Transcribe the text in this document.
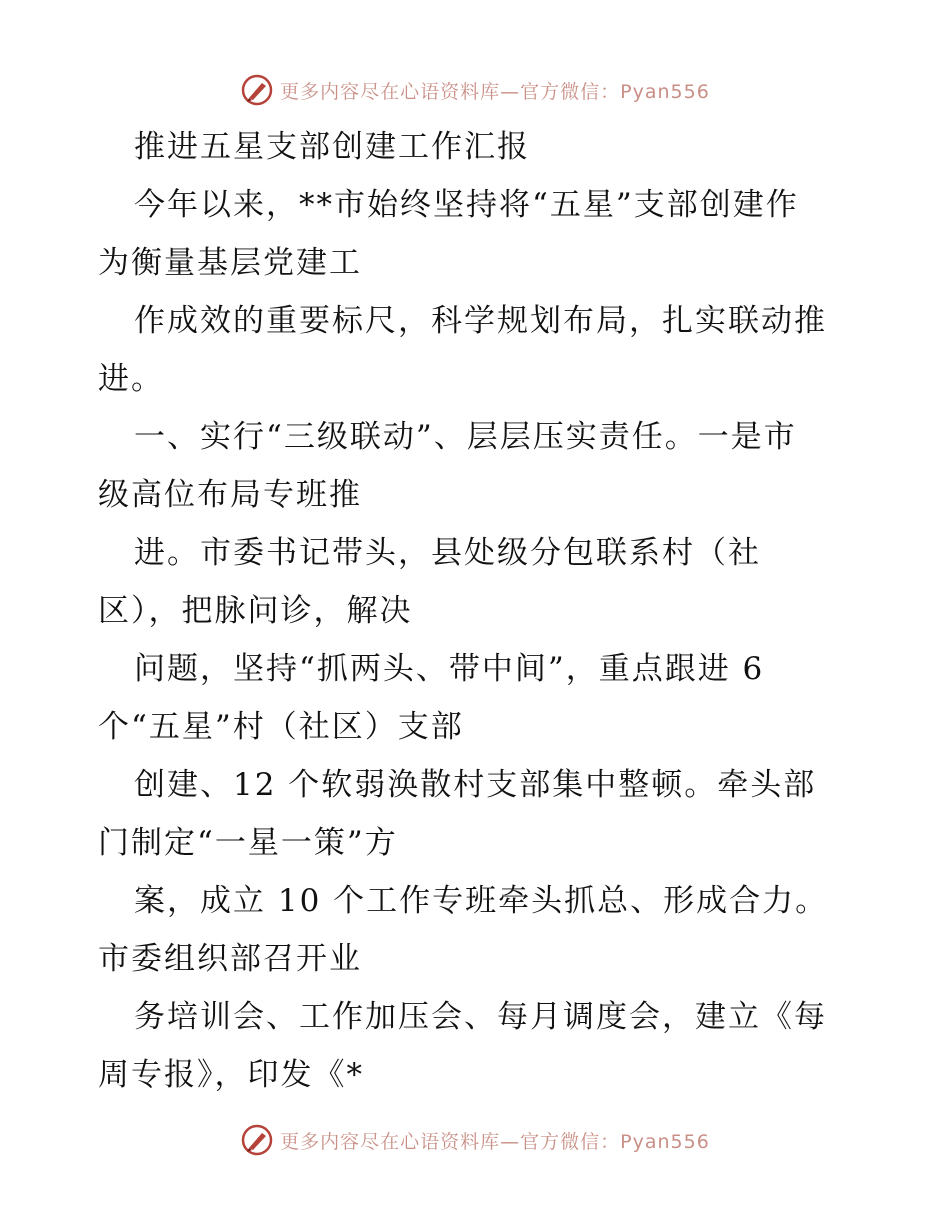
更多内容尽在心语资料库—官方微信：Pyan556
推进五星支部创建工作汇报
今年以来，**市始终坚持将“五星”支部创建作
为衡量基层党建工
作成效的重要标尺，科学规划布局，扎实联动推
进。
一、实行“三级联动”、层层压实责任。一是市
级高位布局专班推
进。市委书记带头，县处级分包联系村（社
区），把脉问诊，解决
问题，坚持“抓两头、带中间”，重点跟进 6
个“五星”村（社区）支部
创建、12 个软弱涣散村支部集中整顿。牵头部
门制定“一星一策”方
案，成立 10 个工作专班牵头抓总、形成合力。
市委组织部召开业
务培训会、工作加压会、每月调度会，建立《每
周专报》，印发《*
更多内容尽在心语资料库—官方微信：Pyan556
